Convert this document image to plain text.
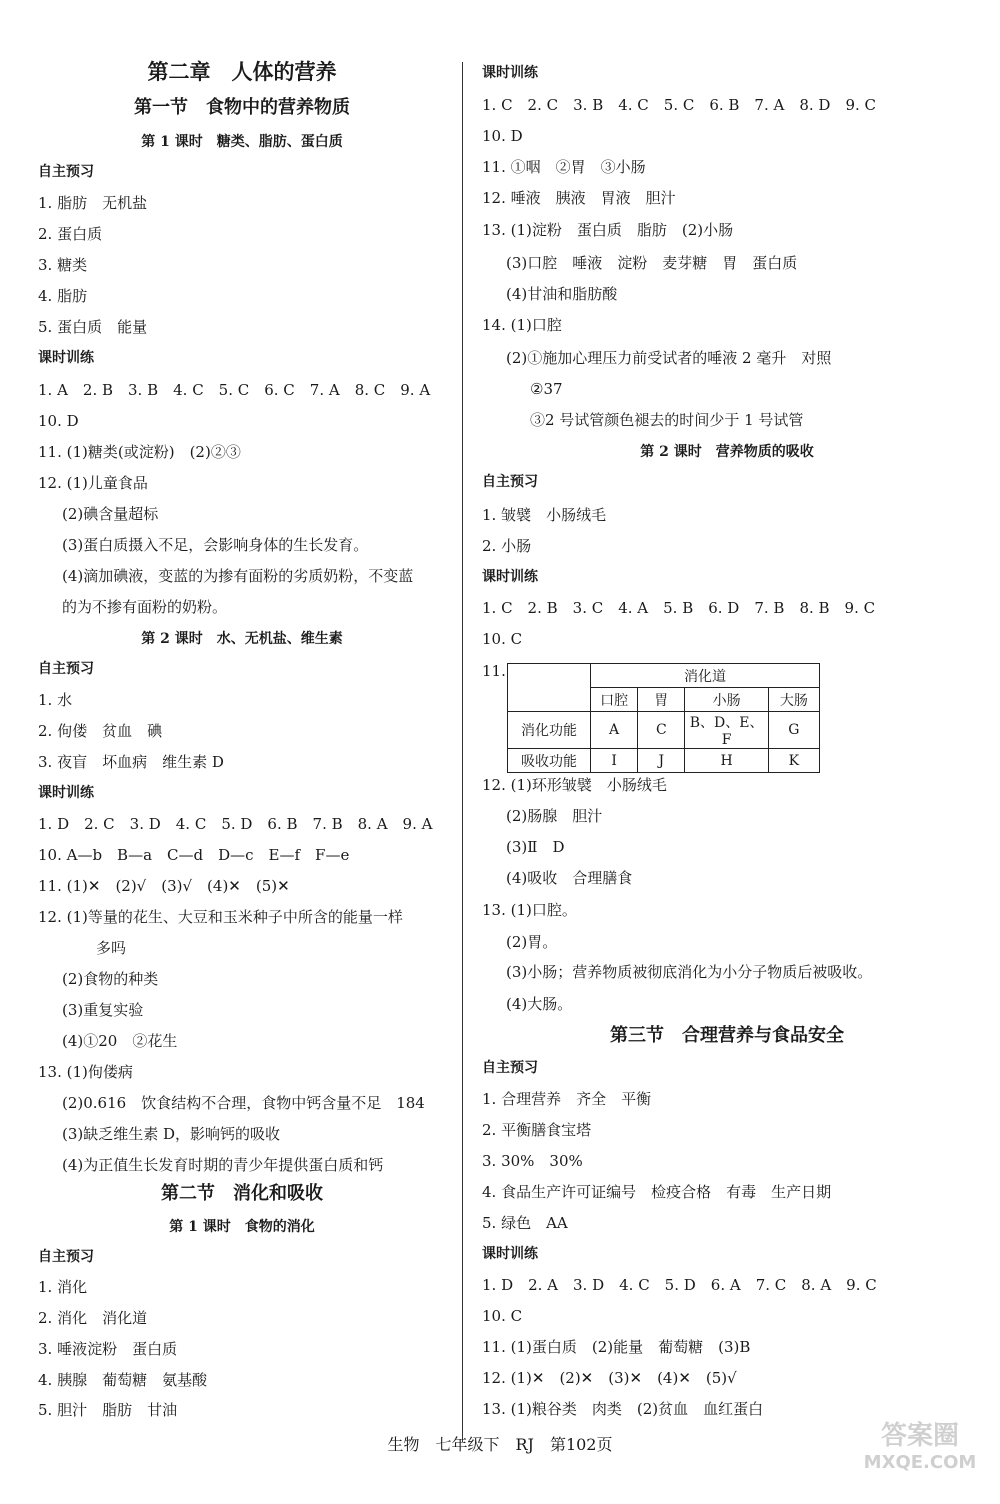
第二章　人体的营养
第一节　食物中的营养物质
第 1 课时　糖类、脂肪、蛋白质
自主预习
1. 脂肪　无机盐
2. 蛋白质
3. 糖类
4. 脂肪
5. 蛋白质　能量
课时训练
1. A　2. B　3. B　4. C　5. C　6. C　7. A　8. C　9. A
10. D
11. (1)糖类(或淀粉)　(2)②③
12. (1)儿童食品
(2)碘含量超标
(3)蛋白质摄入不足，会影响身体的生长发育。
(4)滴加碘液，变蓝的为掺有面粉的劣质奶粉，不变蓝
的为不掺有面粉的奶粉。
第 2 课时　水、无机盐、维生素
自主预习
1. 水
2. 佝偻　贫血　碘
3. 夜盲　坏血病　维生素 D
课时训练
1. D　2. C　3. D　4. C　5. D　6. B　7. B　8. A　9. A
10. A—b　B—a　C—d　D—c　E—f　F—e
11. (1)✕　(2)√　(3)√　(4)✕　(5)✕
12. (1)等量的花生、大豆和玉米种子中所含的能量一样
多吗
(2)食物的种类
(3)重复实验
(4)①20　②花生
13. (1)佝偻病
(2)0.616　饮食结构不合理，食物中钙含量不足　184
(3)缺乏维生素 D，影响钙的吸收
(4)为正值生长发育时期的青少年提供蛋白质和钙
第二节　消化和吸收
第 1 课时　食物的消化
自主预习
1. 消化
2. 消化　消化道
3. 唾液淀粉　蛋白质
4. 胰腺　葡萄糖　氨基酸
5. 胆汁　脂肪　甘油
课时训练
1. C　2. C　3. B　4. C　5. C　6. B　7. A　8. D　9. C
10. D
11. ①咽　②胃　③小肠
12. 唾液　胰液　胃液　胆汁
13. (1)淀粉　蛋白质　脂肪　(2)小肠
(3)口腔　唾液　淀粉　麦芽糖　胃　蛋白质
(4)甘油和脂肪酸
14. (1)口腔
(2)①施加心理压力前受试者的唾液 2 毫升　对照
②37
③2 号试管颜色褪去的时间少于 1 号试管
第 2 课时　营养物质的吸收
自主预习
1. 皱襞　小肠绒毛
2. 小肠
课时训练
1. C　2. B　3. C　4. A　5. B　6. D　7. B　8. B　9. C
10. C
11.
12. (1)环形皱襞　小肠绒毛
(2)肠腺　胆汁
(3)Ⅱ　D
(4)吸收　合理膳食
13. (1)口腔。
(2)胃。
(3)小肠；营养物质被彻底消化为小分子物质后被吸收。
(4)大肠。
第三节　合理营养与食品安全
自主预习
1. 合理营养　齐全　平衡
2. 平衡膳食宝塔
3. 30%　30%
4. 食品生产许可证编号　检疫合格　有毒　生产日期
5. 绿色　AA
课时训练
1. D　2. A　3. D　4. C　5. D　6. A　7. C　8. A　9. C
10. C
11. (1)蛋白质　(2)能量　葡萄糖　(3)B
12. (1)✕　(2)✕　(3)✕　(4)✕　(5)√
13. (1)粮谷类　肉类　(2)贫血　血红蛋白
	消化道			
	口腔	胃	小肠	大肠
消化功能	A	C	B、D、E、F	G
吸收功能	I	J	H	K
生物　七年级下　RJ　第102页	答案圈
MXQE.COM
